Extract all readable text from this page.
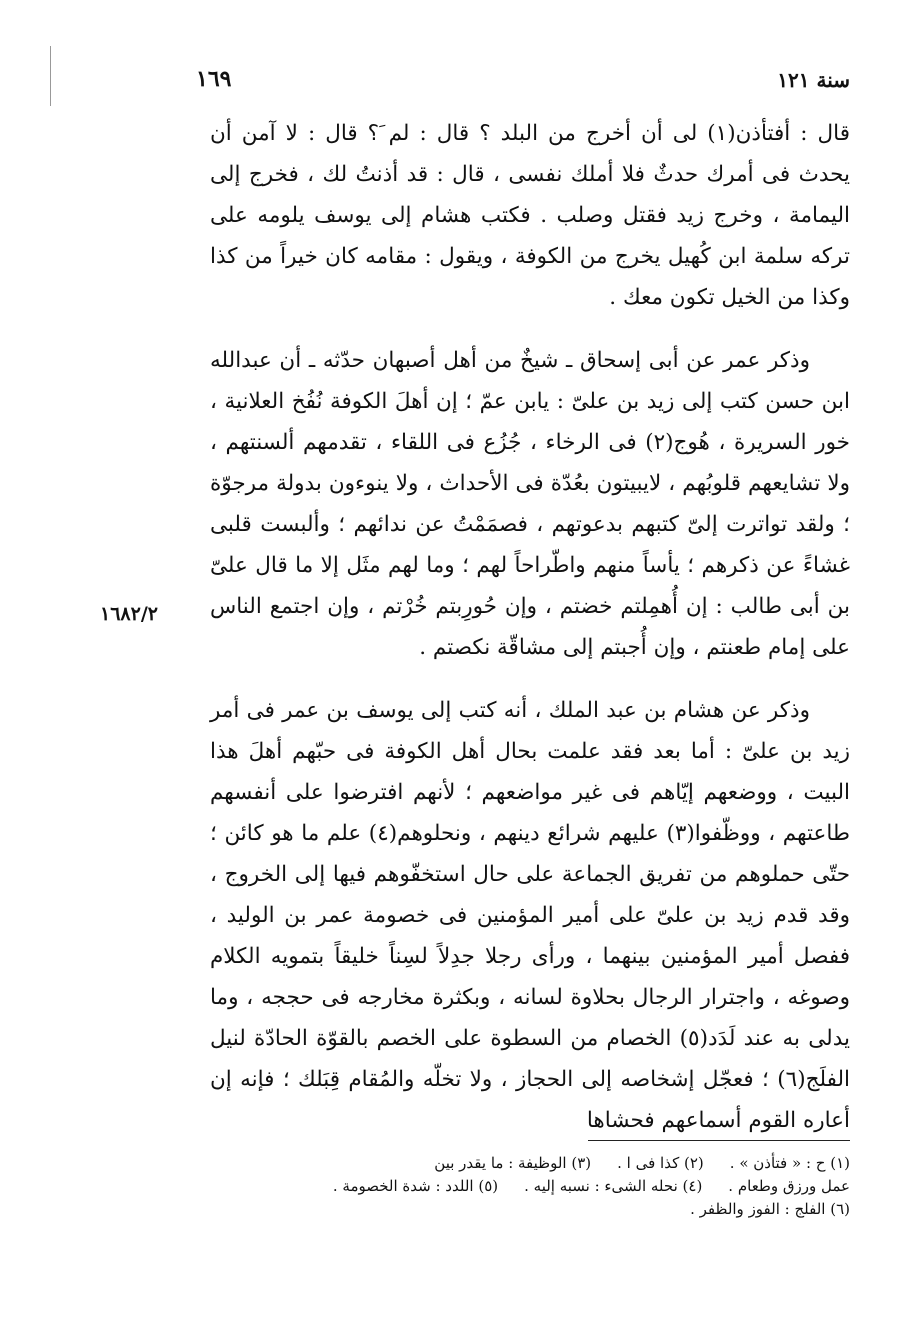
سنة ١٢١
١٦٩

قال : أفتأذن(١) لى أن أخرج من البلد ؟ قال : لم َ؟ قال : لا آمن أن يحدث فى أمرك حدثٌ فلا أملك نفسى ، قال : قد أذنتُ لك ، فخرج إلى اليمامة ، وخرج زيد فقتل وصلب . فكتب هشام إلى يوسف يلومه على تركه سلمة ابن كُهيل يخرج من الكوفة ، ويقول : مقامه كان خيراً من كذا وكذا من الخيل تكون معك .

وذكر عمر عن أبى إسحاق ـ شيخٌ من أهل أصبهان حدّثه ـ أن عبدالله ابن حسن كتب إلى زيد بن علىّ : يابن عمّ ؛ إن أهلَ الكوفة نُفُخ العلانية ، خور السريرة ، هُوج(٢) فى الرخاء ، جُزُع فى اللقاء ، تقدمهم ألسنتهم ، ولا تشايعهم قلوبُهم ، لايبيتون بعُدّة فى الأحداث ، ولا ينوءون بدولة مرجوّة ؛ ولقد تواترت إلىّ كتبهم بدعوتهم ، فصمَمْتُ عن ندائهم ؛ وألبست قلبى غشاءً عن ذكرهم ؛ يأساً منهم واطّراحاً لهم ؛ وما لهم مثَل إلا ما قال علىّ بن أبى طالب : إن أُهمِلتم خضتم ، وإن حُورِبتم خُرْتم ، وإن اجتمع الناس على إمام طعنتم ، وإن أُجبتم إلى مشاقّة نكصتم .

وذكر عن هشام بن عبد الملك ، أنه كتب إلى يوسف بن عمر فى أمر زيد بن علىّ : أما بعد فقد علمت بحال أهل الكوفة فى حبّهم أهلَ هذا البيت ، ووضعهم إيّاهم فى غير مواضعهم ؛ لأنهم افترضوا على أنفسهم طاعتهم ، ووظّفوا(٣) عليهم شرائع دينهم ، ونحلوهم(٤) علم ما هو كائن ؛ حتّى حملوهم من تفريق الجماعة على حال استخفّوهم فيها إلى الخروج ، وقد قدم زيد بن علىّ على أمير المؤمنين فى خصومة عمر بن الوليد ، ففصل أمير المؤمنين بينهما ، ورأى رجلا جدِلاً لسِناً خليقاً بتمويه الكلام وصوغه ، واجترار الرجال بحلاوة لسانه ، وبكثرة مخارجه فى حججه ، وما يدلى به عند لَدَد(٥) الخصام من السطوة على الخصم بالقوّة الحادّة لنيل الفلَج(٦) ؛ فعجّل إشخاصه إلى الحجاز ، ولا تخلّه والمُقام قِبَلك ؛ فإنه إن أعاره القوم أسماعهم فحشاها

١٦٨٢/٢
(١) ح : « فتأذن » .
(٢) كذا فى ا .
(٣) الوظيفة : ما يقدر بين
عمل ورزق وطعام .
(٤) نحله الشىء : نسبه إليه .
(٥) اللدد : شدة الخصومة .
(٦) الفلج : الفوز والظفر .
